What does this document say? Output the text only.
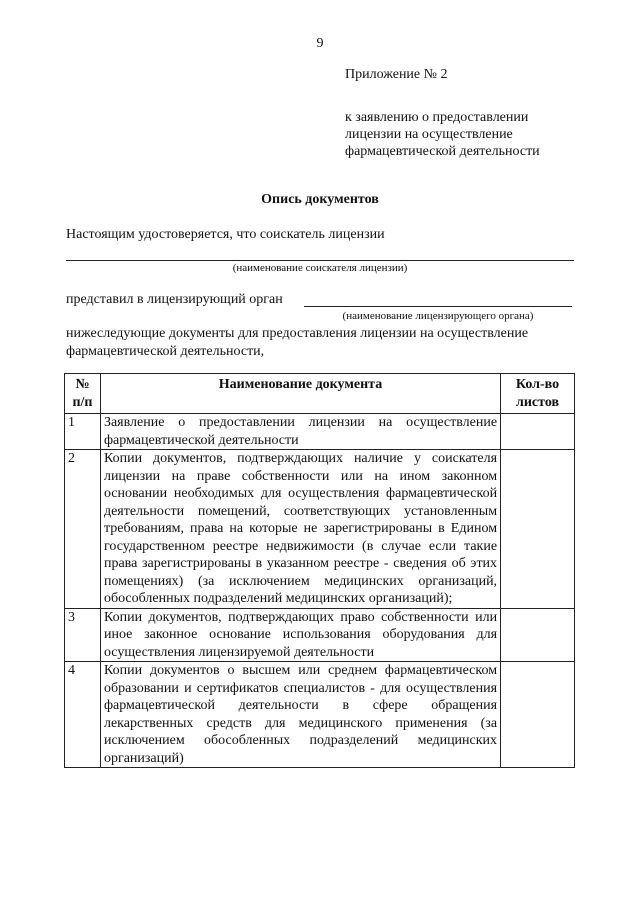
9
Приложение № 2
к заявлению о предоставлении
лицензии на осуществление
фармацевтической деятельности
Опись документов
Настоящим удостоверяется, что соискатель лицензии
(наименование соискателя лицензии)
представил в лицензирующий орган
(наименование лицензирующего органа)
нижеследующие документы для предоставления лицензии на осуществление фармацевтической деятельности,
№ п/п	Наименование документа	Кол-во листов
1	Заявление о предоставлении лицензии на осуществление фармацевтической деятельности	
2	Копии документов, подтверждающих наличие у соискателя лицензии на праве собственности или на ином законном основании необходимых для осуществления фармацевтической деятельности помещений, соответствующих установленным требованиям, права на которые не зарегистрированы в Едином государственном реестре недвижимости (в случае если такие права зарегистрированы в указанном реестре - сведения об этих помещениях) (за исключением медицинских организаций, обособленных подразделений медицинских организаций);	
3	Копии документов, подтверждающих право собственности или иное законное основание использования оборудования для осуществления лицензируемой деятельности	
4	Копии документов о высшем или среднем фармацевтическом образовании и сертификатов специалистов - для осуществления фармацевтической деятельности в сфере обращения лекарственных средств для медицинского применения (за исключением обособленных подразделений медицинских организаций)	
